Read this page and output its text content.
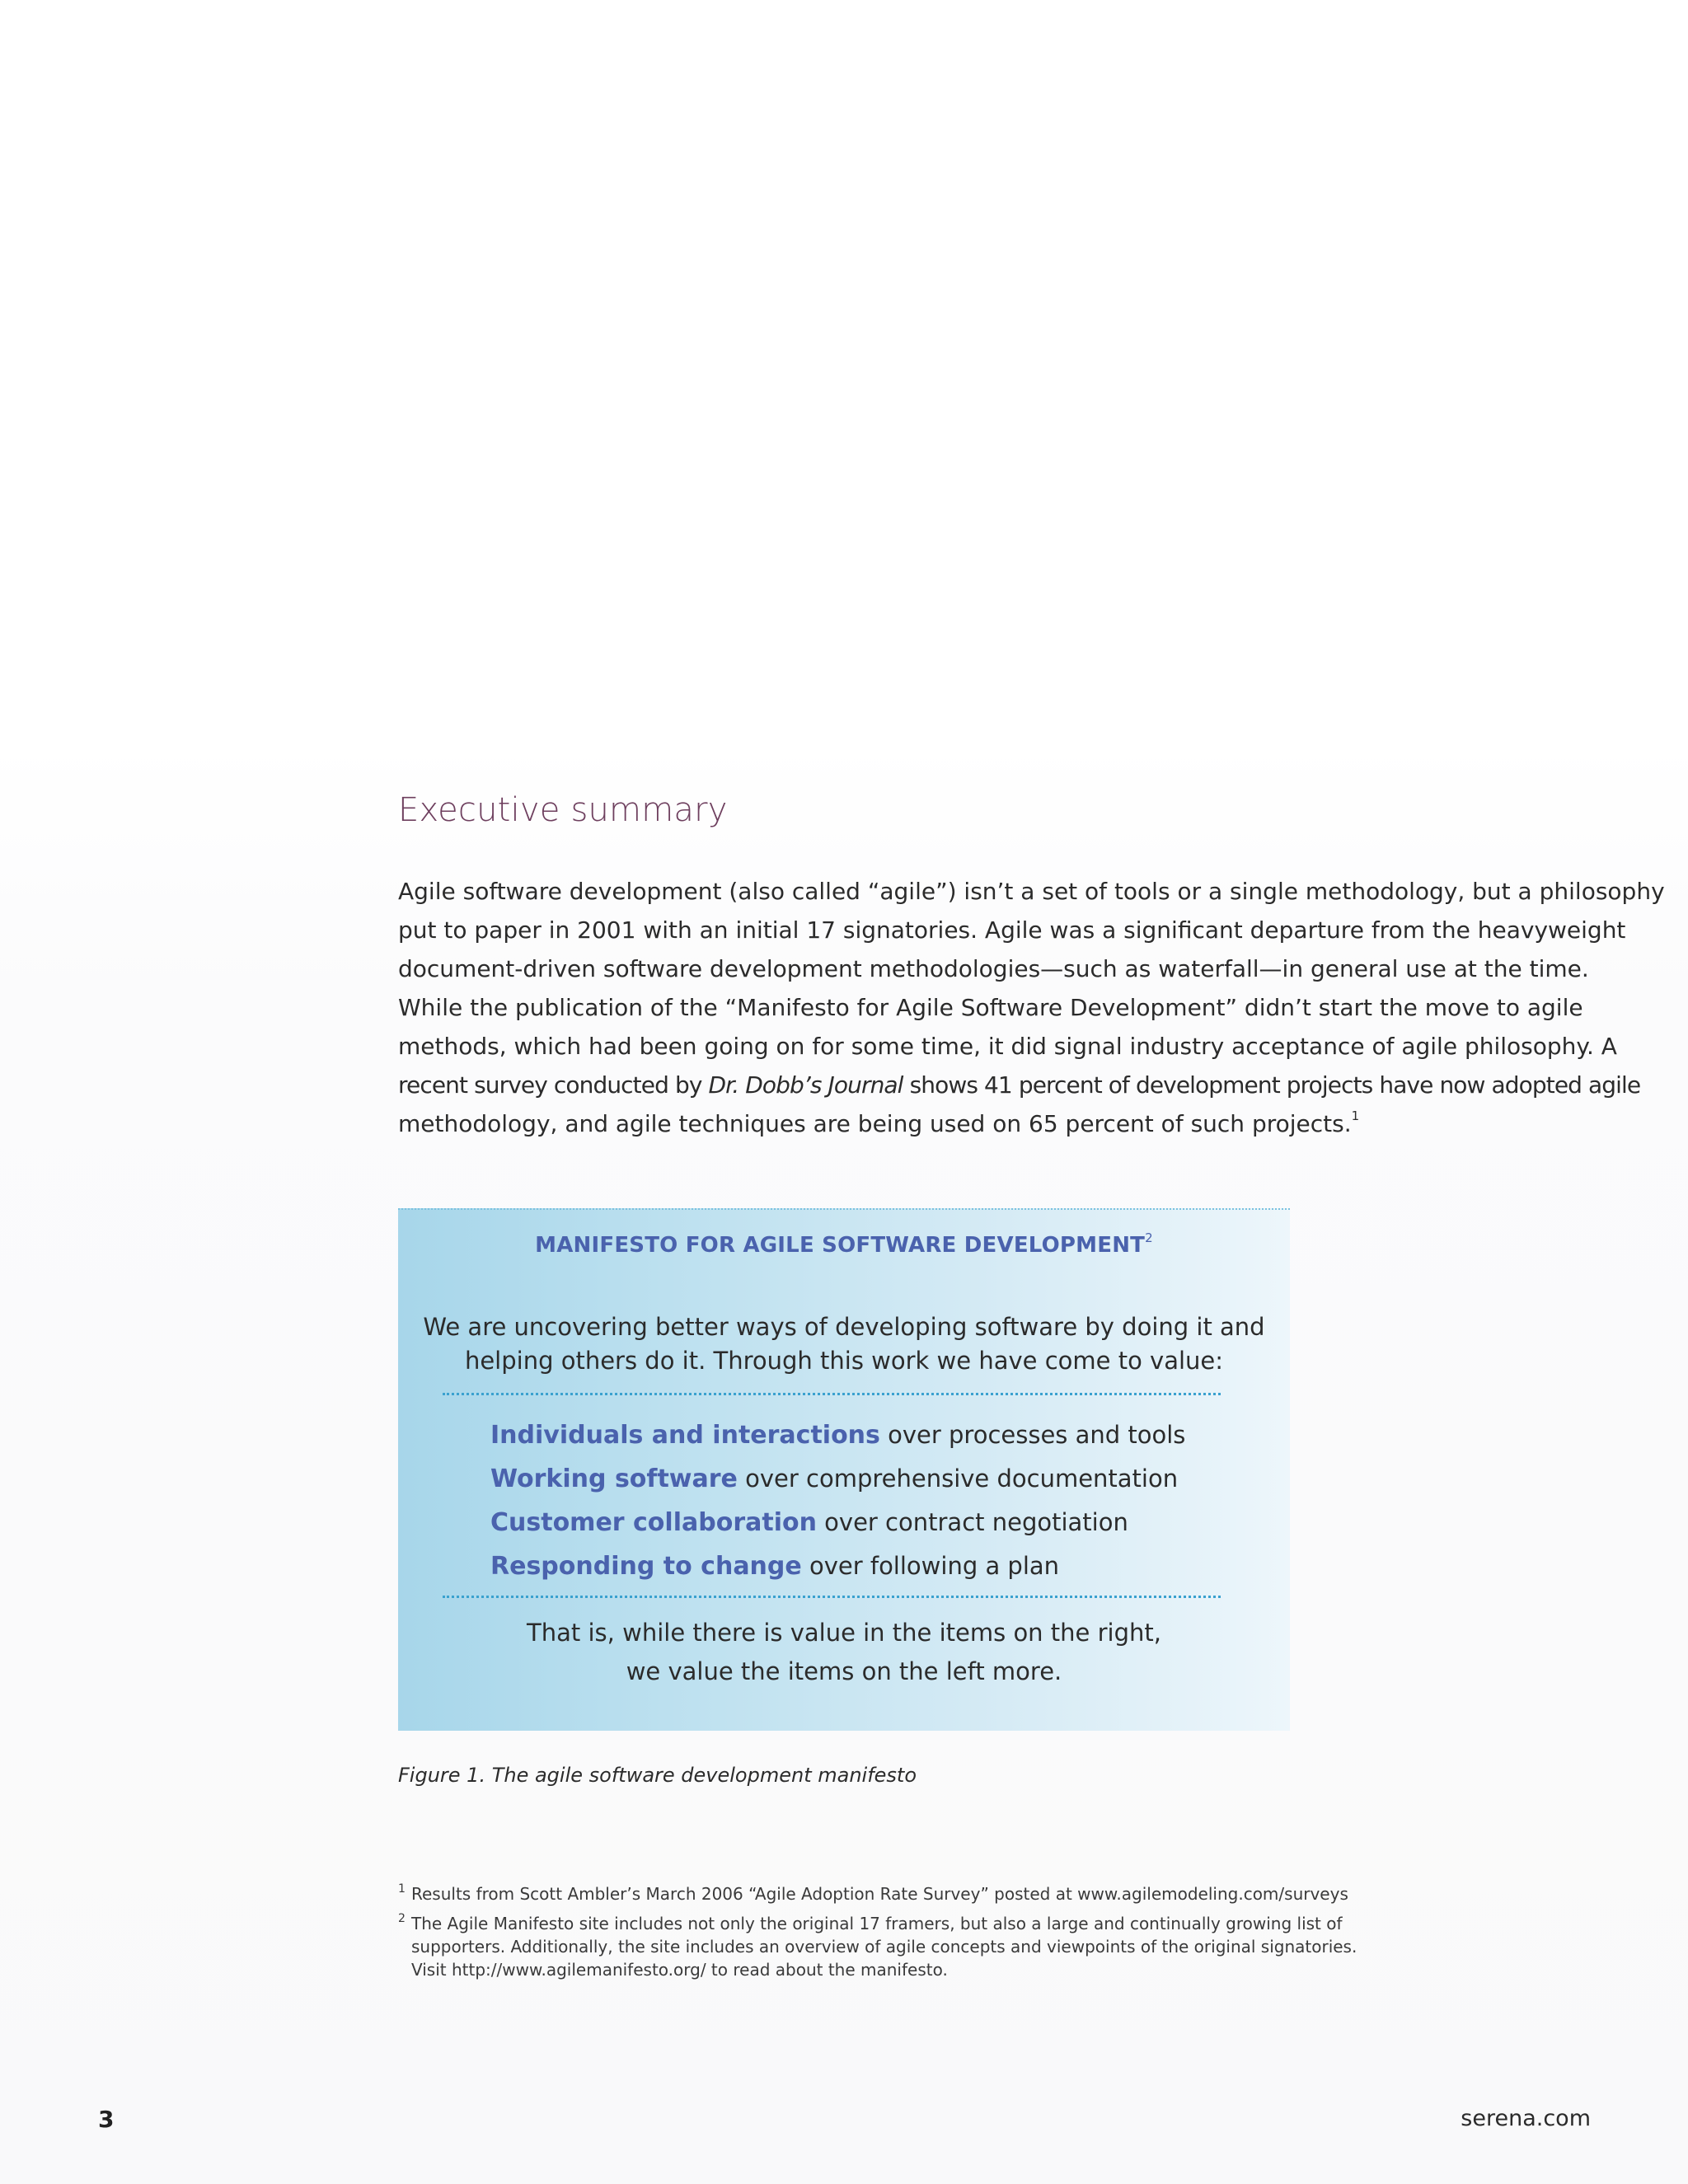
Executive summary
Agile software development (also called “agile”) isn’t a set of tools or a single methodology, but a philosophy
put to paper in 2001 with an initial 17 signatories. Agile was a significant departure from the heavyweight
document-driven software development methodologies—such as waterfall—in general use at the time.
While the publication of the “Manifesto for Agile Software Development” didn’t start the move to agile
methods, which had been going on for some time, it did signal industry acceptance of agile philosophy. A
recent survey conducted by Dr. Dobb’s Journal shows 41 percent of development projects have now adopted agile
methodology, and agile techniques are being used on 65 percent of such projects.$^1$
MANIFESTO FOR AGILE SOFTWARE DEVELOPMENT$^2$
We are uncovering better ways of developing software by doing it and
helping others do it. Through this work we have come to value:
Individuals and interactions over processes and tools
Working software over comprehensive documentation
Customer collaboration over contract negotiation
Responding to change over following a plan
That is, while there is value in the items on the right,
we value the items on the left more.
Figure 1. The agile software development manifesto
1 Results from Scott Ambler’s March 2006 “Agile Adoption Rate Survey” posted at www.agilemodeling.com/surveys
2 The Agile Manifesto site includes not only the original 17 framers, but also a large and continually growing list of
supporters. Additionally, the site includes an overview of agile concepts and viewpoints of the original signatories.
Visit http://www.agilemanifesto.org/ to read about the manifesto.
3	serena.com
